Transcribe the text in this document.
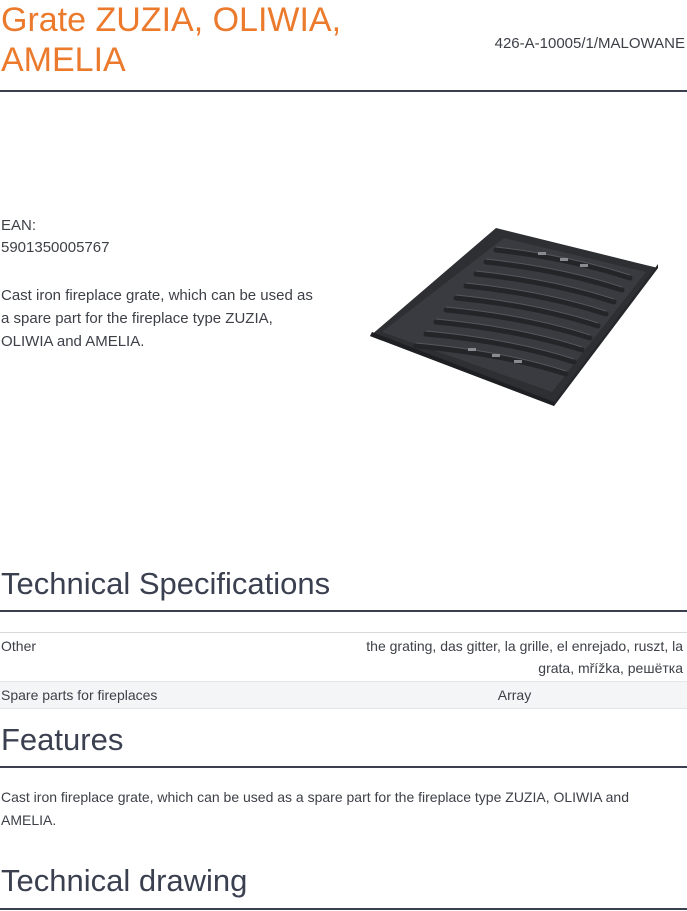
Grate ZUZIA, OLIWIA, AMELIA	426-A-10005/1/MALOWANE
EAN:
5901350005767

Cast iron fireplace grate, which can be used as a spare part for the fireplace type ZUZIA, OLIWIA and AMELIA.

Technical Specifications
Other	the grating, das gitter, la grille, el enrejado, ruszt, la grata, mřížka, решётка
Spare parts for fireplaces	Array
Features

Cast iron fireplace grate, which can be used as a spare part for the fireplace type ZUZIA, OLIWIA and AMELIA.

Technical drawing
